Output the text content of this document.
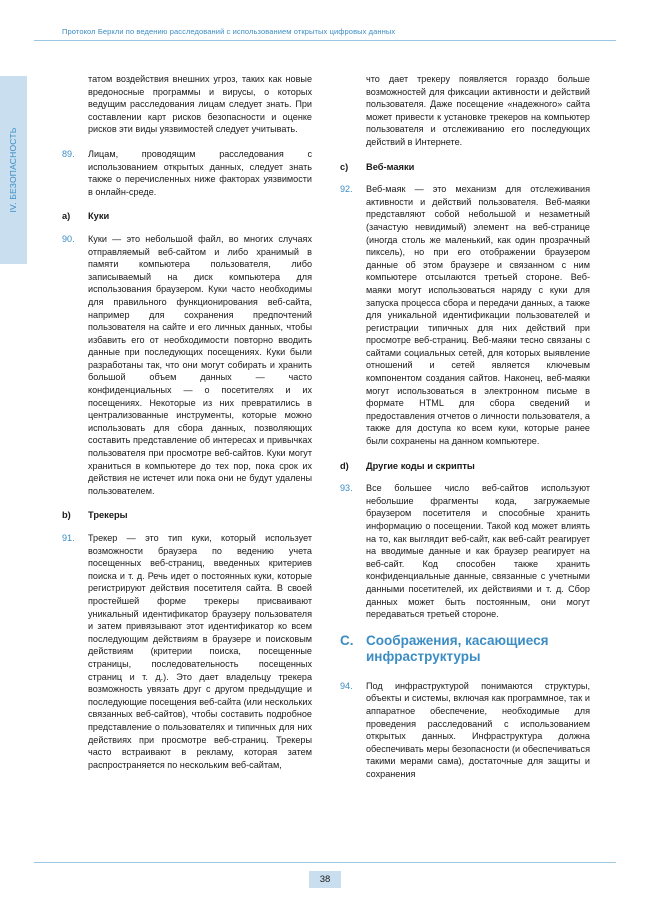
Протокол Беркли по ведению расследований с использованием открытых цифровых данных
IV. БЕЗОПАСНОСТЬ
татом воздействия внешних угроз, таких как новые вредоносные программы и вирусы, о которых ведущим расследования лицам следует знать. При составлении карт рисков безопасности и оценке рисков эти виды уязвимостей следует учитывать.
89. Лицам, проводящим расследования с использованием открытых данных, следует знать также о перечисленных ниже факторах уязвимости в онлайн-среде.
a) Куки
90. Куки — это небольшой файл, во многих случаях отправляемый веб-сайтом и либо хранимый в памяти компьютера пользователя, либо записываемый на диск компьютера для использования браузером. Куки часто необходимы для правильного функционирования веб-сайта, например для сохранения предпочтений пользователя на сайте и его личных данных, чтобы избавить его от необходимости повторно вводить данные при последующих посещениях. Куки были разработаны так, что они могут собирать и хранить большой объем данных — часто конфиденциальных — о посетителях и их посещениях. Некоторые из них превратились в централизованные инструменты, которые можно использовать для сбора данных, позволяющих составить представление об интересах и привычках пользователя при просмотре веб-сайтов. Куки могут храниться в компьютере до тех пор, пока срок их действия не истечет или пока они не будут удалены пользователем.
b) Трекеры
91. Трекер — это тип куки, который использует возможности браузера по ведению учета посещенных веб-страниц, введенных критериев поиска и т. д. Речь идет о постоянных куки, которые регистрируют действия посетителя сайта. В своей простейшей форме трекеры присваивают уникальный идентификатор браузеру пользователя и затем привязывают этот идентификатор ко всем последующим действиям в браузере и поисковым действиям (критерии поиска, посещенные страницы, последовательность посещенных страниц и т. д.). Это дает владельцу трекера возможность увязать друг с другом предыдущие и последующие посещения веб-сайта (или нескольких связанных веб-сайтов), чтобы составить подробное представление о пользователях и типичных для них действиях при просмотре веб-страниц. Трекеры часто встраивают в рекламу, которая затем распространяется по нескольким веб-сайтам,
что дает трекеру появляется гораздо больше возможностей для фиксации активности и действий пользователя. Даже посещение «надежного» сайта может привести к установке трекеров на компьютер пользователя и отслеживанию его последующих действий в Интернете.
c) Веб-маяки
92. Веб-маяк — это механизм для отслеживания активности и действий пользователя. Веб-маяки представляют собой небольшой и незаметный (зачастую невидимый) элемент на веб-странице (иногда столь же маленький, как один прозрачный пиксель), но при его отображении браузером данные об этом браузере и связанном с ним компьютере отсылаются третьей стороне. Веб-маяки могут использоваться наряду с куки для запуска процесса сбора и передачи данных, а также для уникальной идентификации пользователей и регистрации типичных для них действий при просмотре веб-страниц. Веб-маяки тесно связаны с сайтами социальных сетей, для которых выявление отношений и сетей является ключевым компонентом создания сайтов. Наконец, веб-маяки могут использоваться в электронном письме в формате HTML для сбора сведений и предоставления отчетов о личности пользователя, а также для доступа ко всем куки, которые ранее были сохранены на данном компьютере.
d) Другие коды и скрипты
93. Все большее число веб-сайтов используют небольшие фрагменты кода, загружаемые браузером посетителя и способные хранить информацию о посещении. Такой код может влиять на то, как выглядит веб-сайт, как веб-сайт реагирует на вводимые данные и как браузер реагирует на веб-сайт. Код способен также хранить конфиденциальные данные, связанные с учетными данными посетителей, их действиями и т. д. Сбор данных может быть постоянным, они могут передаваться третьей стороне.
C. Соображения, касающиеся инфраструктуры
94. Под инфраструктурой понимаются структуры, объекты и системы, включая как программное, так и аппаратное обеспечение, необходимые для проведения расследований с использованием открытых данных. Инфраструктура должна обеспечивать меры безопасности (и обеспечиваться такими мерами сама), достаточные для защиты и сохранения
38
